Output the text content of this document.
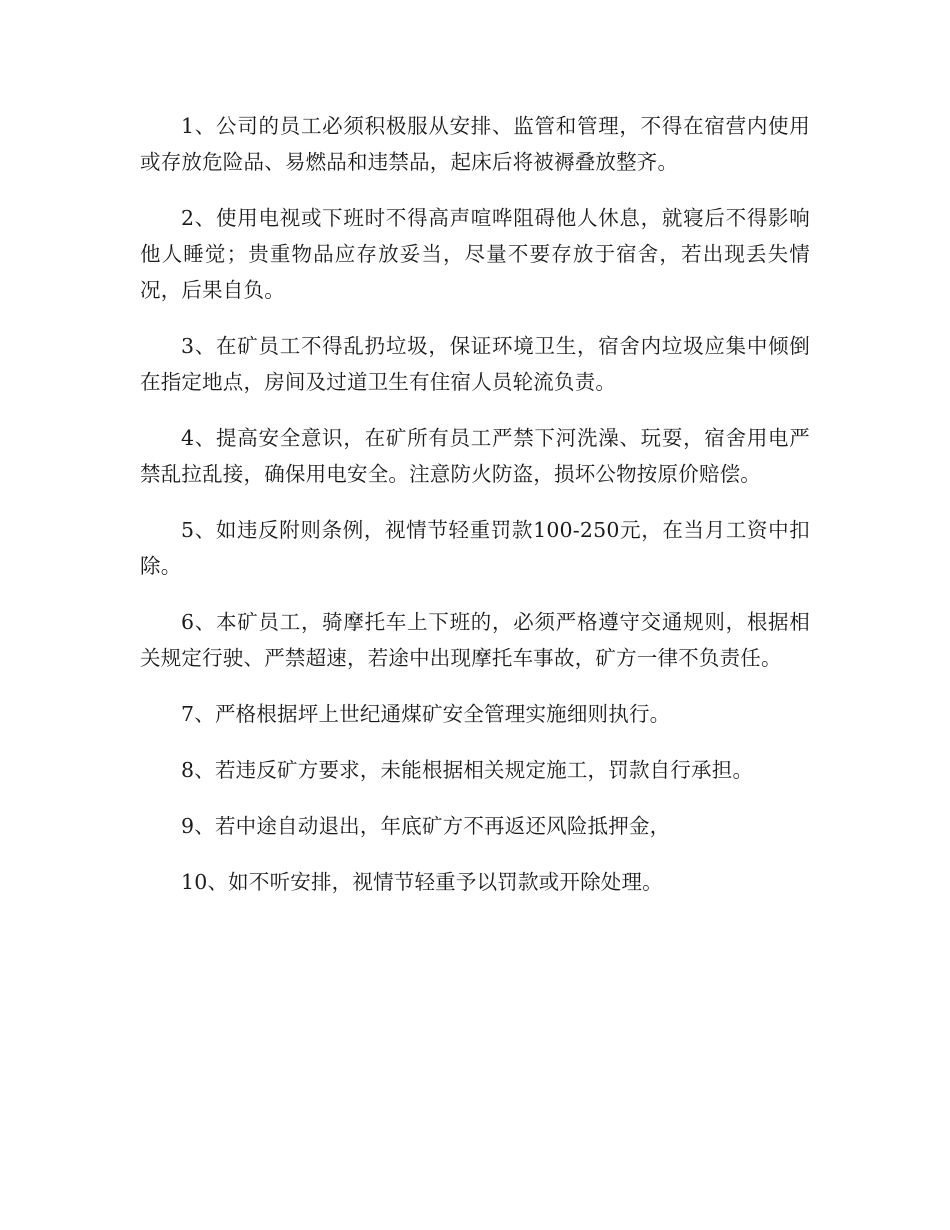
1、公司的员工必须积极服从安排、监管和管理，不得在宿营内使用或存放危险品、易燃品和违禁品，起床后将被褥叠放整齐。

2、使用电视或下班时不得高声喧哗阻碍他人休息，就寝后不得影响他人睡觉；贵重物品应存放妥当，尽量不要存放于宿舍，若出现丢失情况，后果自负。

3、在矿员工不得乱扔垃圾，保证环境卫生，宿舍内垃圾应集中倾倒在指定地点，房间及过道卫生有住宿人员轮流负责。

4、提高安全意识，在矿所有员工严禁下河洗澡、玩耍，宿舍用电严禁乱拉乱接，确保用电安全。注意防火防盗，损坏公物按原价赔偿。

5、如违反附则条例，视情节轻重罚款100-250元，在当月工资中扣除。

6、本矿员工，骑摩托车上下班的，必须严格遵守交通规则，根据相关规定行驶、严禁超速，若途中出现摩托车事故，矿方一律不负责任。

7、严格根据坪上世纪通煤矿安全管理实施细则执行。

8、若违反矿方要求，未能根据相关规定施工，罚款自行承担。

9、若中途自动退出，年底矿方不再返还风险抵押金，

10、如不听安排，视情节轻重予以罚款或开除处理。
